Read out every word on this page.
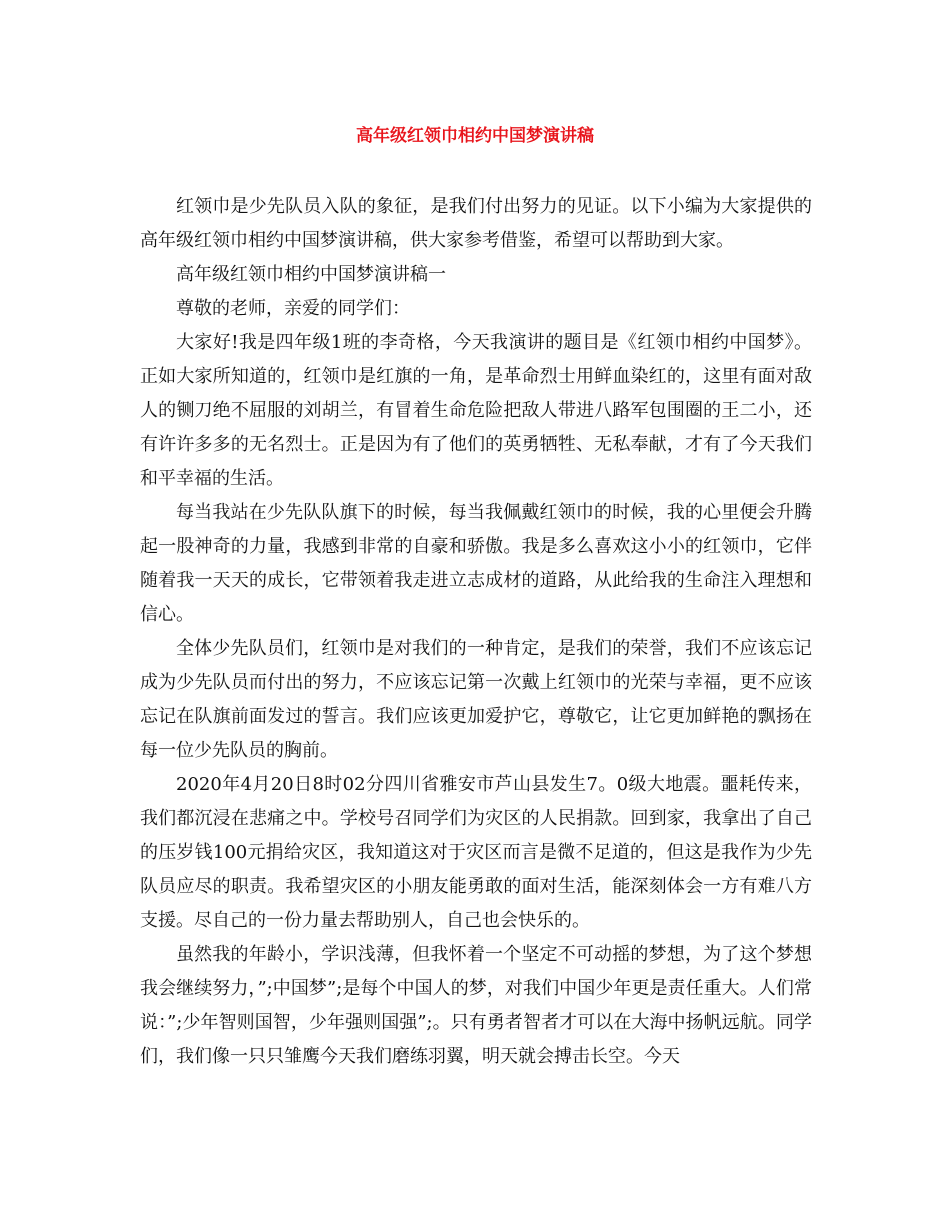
高年级红领巾相约中国梦演讲稿

红领巾是少先队员入队的象征，是我们付出努力的见证。以下小编为大家提供的高年级红领巾相约中国梦演讲稿，供大家参考借鉴，希望可以帮助到大家。

高年级红领巾相约中国梦演讲稿一

尊敬的老师，亲爱的同学们：

大家好!我是四年级1班的李奇格，今天我演讲的题目是《红领巾相约中国梦》。正如大家所知道的，红领巾是红旗的一角，是革命烈士用鲜血染红的，这里有面对敌人的铡刀绝不屈服的刘胡兰，有冒着生命危险把敌人带进八路军包围圈的王二小，还有许许多多的无名烈士。正是因为有了他们的英勇牺牲、无私奉献，才有了今天我们和平幸福的生活。

每当我站在少先队队旗下的时候，每当我佩戴红领巾的时候，我的心里便会升腾起一股神奇的力量，我感到非常的自豪和骄傲。我是多么喜欢这小小的红领巾，它伴随着我一天天的成长，它带领着我走进立志成材的道路，从此给我的生命注入理想和信心。

全体少先队员们，红领巾是对我们的一种肯定，是我们的荣誉，我们不应该忘记成为少先队员而付出的努力，不应该忘记第一次戴上红领巾的光荣与幸福，更不应该忘记在队旗前面发过的誓言。我们应该更加爱护它，尊敬它，让它更加鲜艳的飘扬在每一位少先队员的胸前。

2020年4月20日8时02分四川省雅安市芦山县发生7。0级大地震。噩耗传来，我们都沉浸在悲痛之中。学校号召同学们为灾区的人民捐款。回到家，我拿出了自己的压岁钱100元捐给灾区，我知道这对于灾区而言是微不足道的，但这是我作为少先队员应尽的职责。我希望灾区的小朋友能勇敢的面对生活，能深刻体会一方有难八方支援。尽自己的一份力量去帮助别人，自己也会快乐的。

虽然我的年龄小，学识浅薄，但我怀着一个坚定不可动摇的梦想，为了这个梦想我会继续努力，”;中国梦”;是每个中国人的梦，对我们中国少年更是责任重大。人们常说：”;少年智则国智，少年强则国强”;。只有勇者智者才可以在大海中扬帆远航。同学们，我们像一只只雏鹰今天我们磨练羽翼，明天就会搏击长空。今天
